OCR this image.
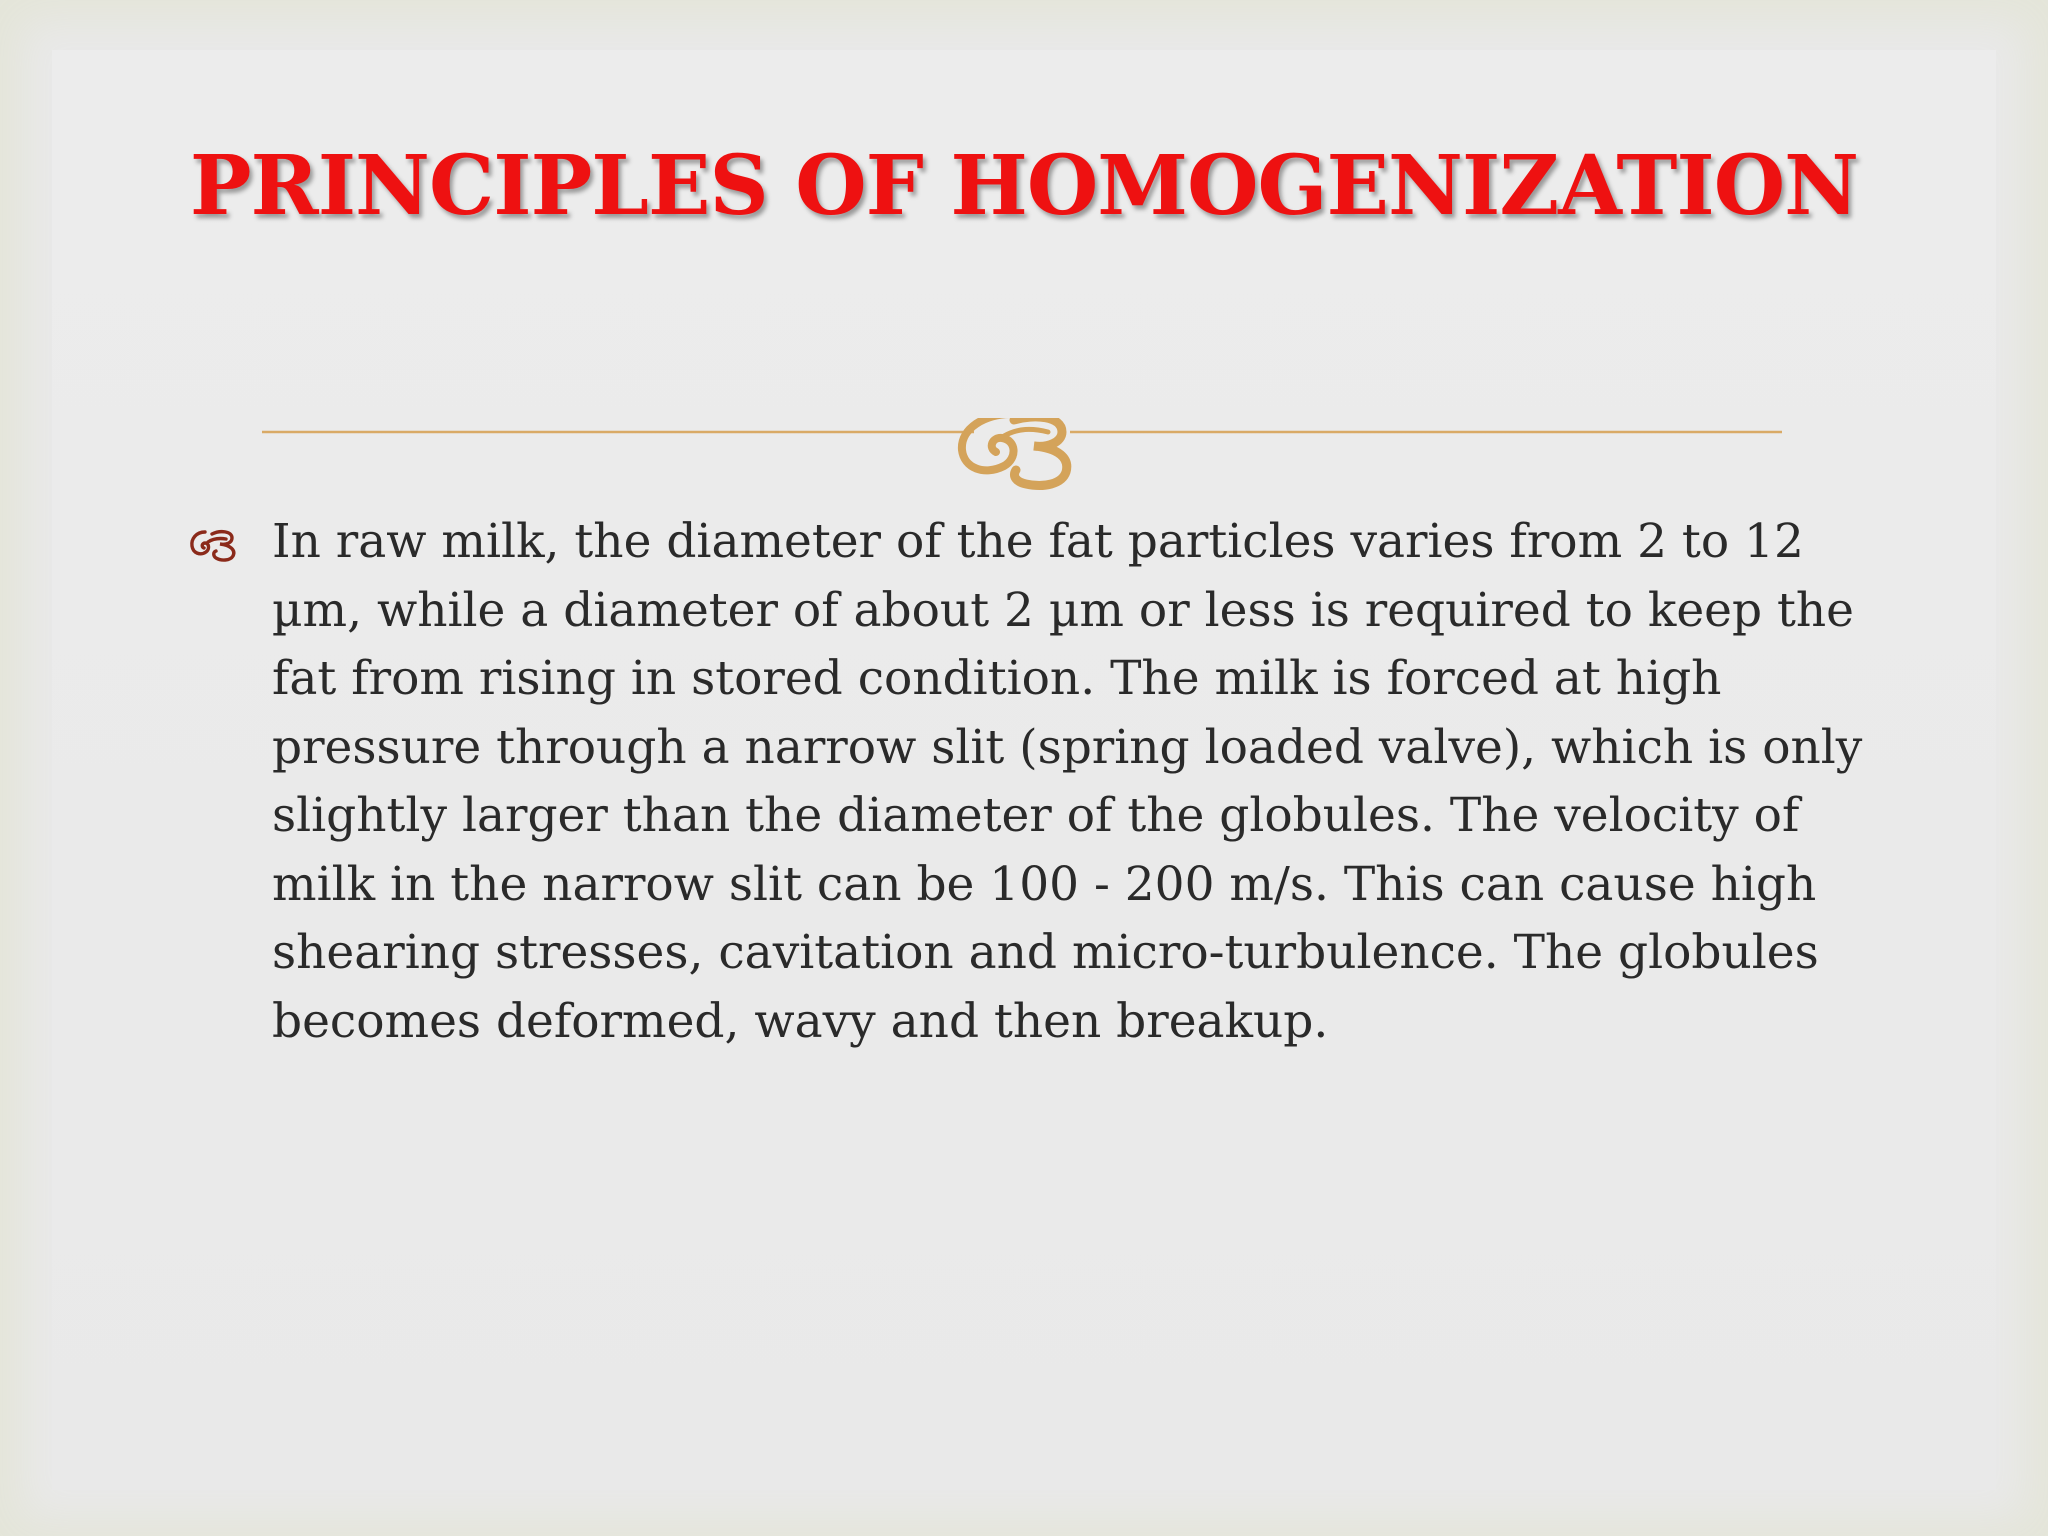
PRINCIPLES OF HOMOGENIZATION
In raw milk, the diameter of the fat particles varies from 2 to 12 µm, while a diameter of about 2 µm or less is required to keep the fat from rising in stored condition. The milk is forced at high pressure through a narrow slit (spring loaded valve), which is only slightly larger than the diameter of the globules. The velocity of milk in the narrow slit can be 100 - 200 m/s. This can cause high shearing stresses, cavitation and micro-turbulence. The globules becomes deformed, wavy and then breakup.
